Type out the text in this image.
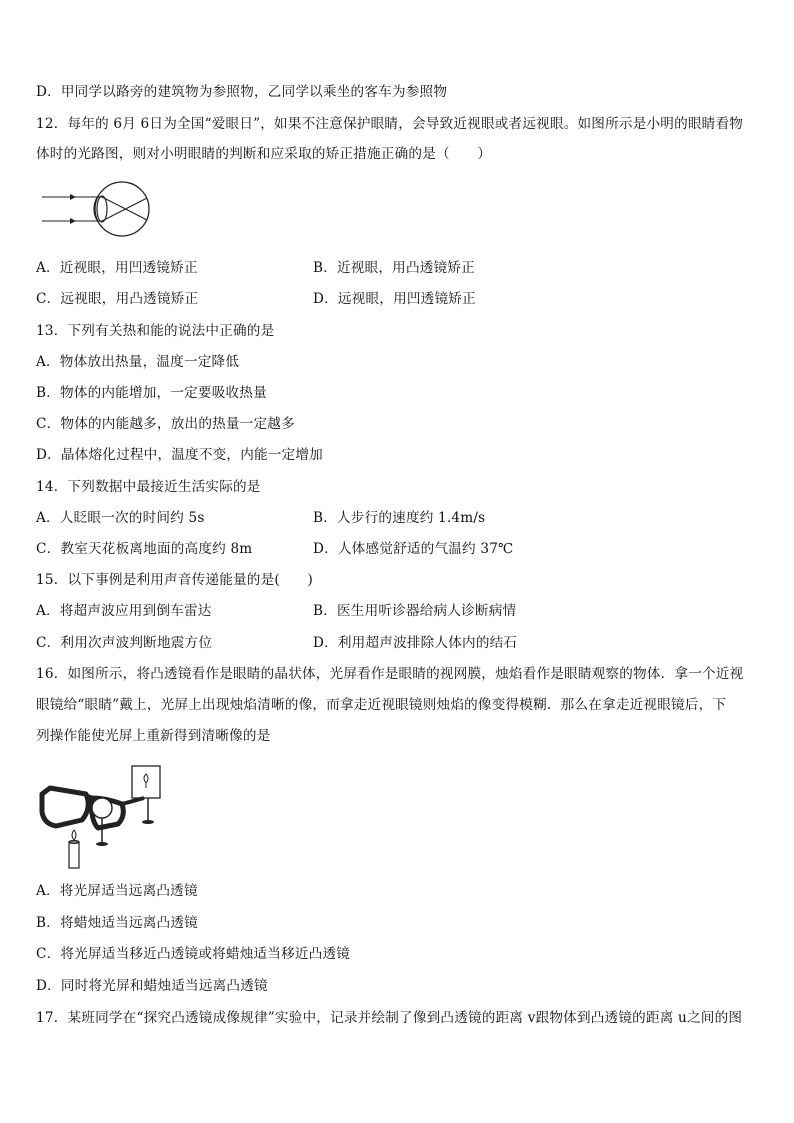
D．甲同学以路旁的建筑物为参照物，乙同学以乘坐的客车为参照物
12．每年的 6月 6日为全国“爱眼日”，如果不注意保护眼睛，会导致近视眼或者远视眼。如图所示是小明的眼睛看物
体时的光路图，则对小明眼睛的判断和应采取的矫正措施正确的是（　　）
A．近视眼，用凹透镜矫正	B．近视眼，用凸透镜矫正
C．远视眼，用凸透镜矫正	D．远视眼，用凹透镜矫正
13．下列有关热和能的说法中正确的是
A．物体放出热量，温度一定降低
B．物体的内能增加，一定要吸收热量
C．物体的内能越多，放出的热量一定越多
D．晶体熔化过程中，温度不变，内能一定增加
14．下列数据中最接近生活实际的是
A．人眨眼一次的时间约 5s	B．人步行的速度约 1.4m/s
C．教室天花板离地面的高度约 8m	D．人体感觉舒适的气温约 37℃
15．以下事例是利用声音传递能量的是(　　)
A．将超声波应用到倒车雷达	B．医生用听诊器给病人诊断病情
C．利用次声波判断地震方位	D．利用超声波排除人体内的结石
16．如图所示，将凸透镜看作是眼睛的晶状体，光屏看作是眼睛的视网膜，烛焰看作是眼睛观察的物体．拿一个近视
眼镜给“眼睛”戴上，光屏上出现烛焰清晰的像，而拿走近视眼镜则烛焰的像变得模糊．那么在拿走近视眼镜后，下
列操作能使光屏上重新得到清晰像的是
A．将光屏适当远离凸透镜
B．将蜡烛适当远离凸透镜
C．将光屏适当移近凸透镜或将蜡烛适当移近凸透镜
D．同时将光屏和蜡烛适当远离凸透镜
17．某班同学在“探究凸透镜成像规律”实验中，记录并绘制了像到凸透镜的距离 v跟物体到凸透镜的距离 u之间的图
